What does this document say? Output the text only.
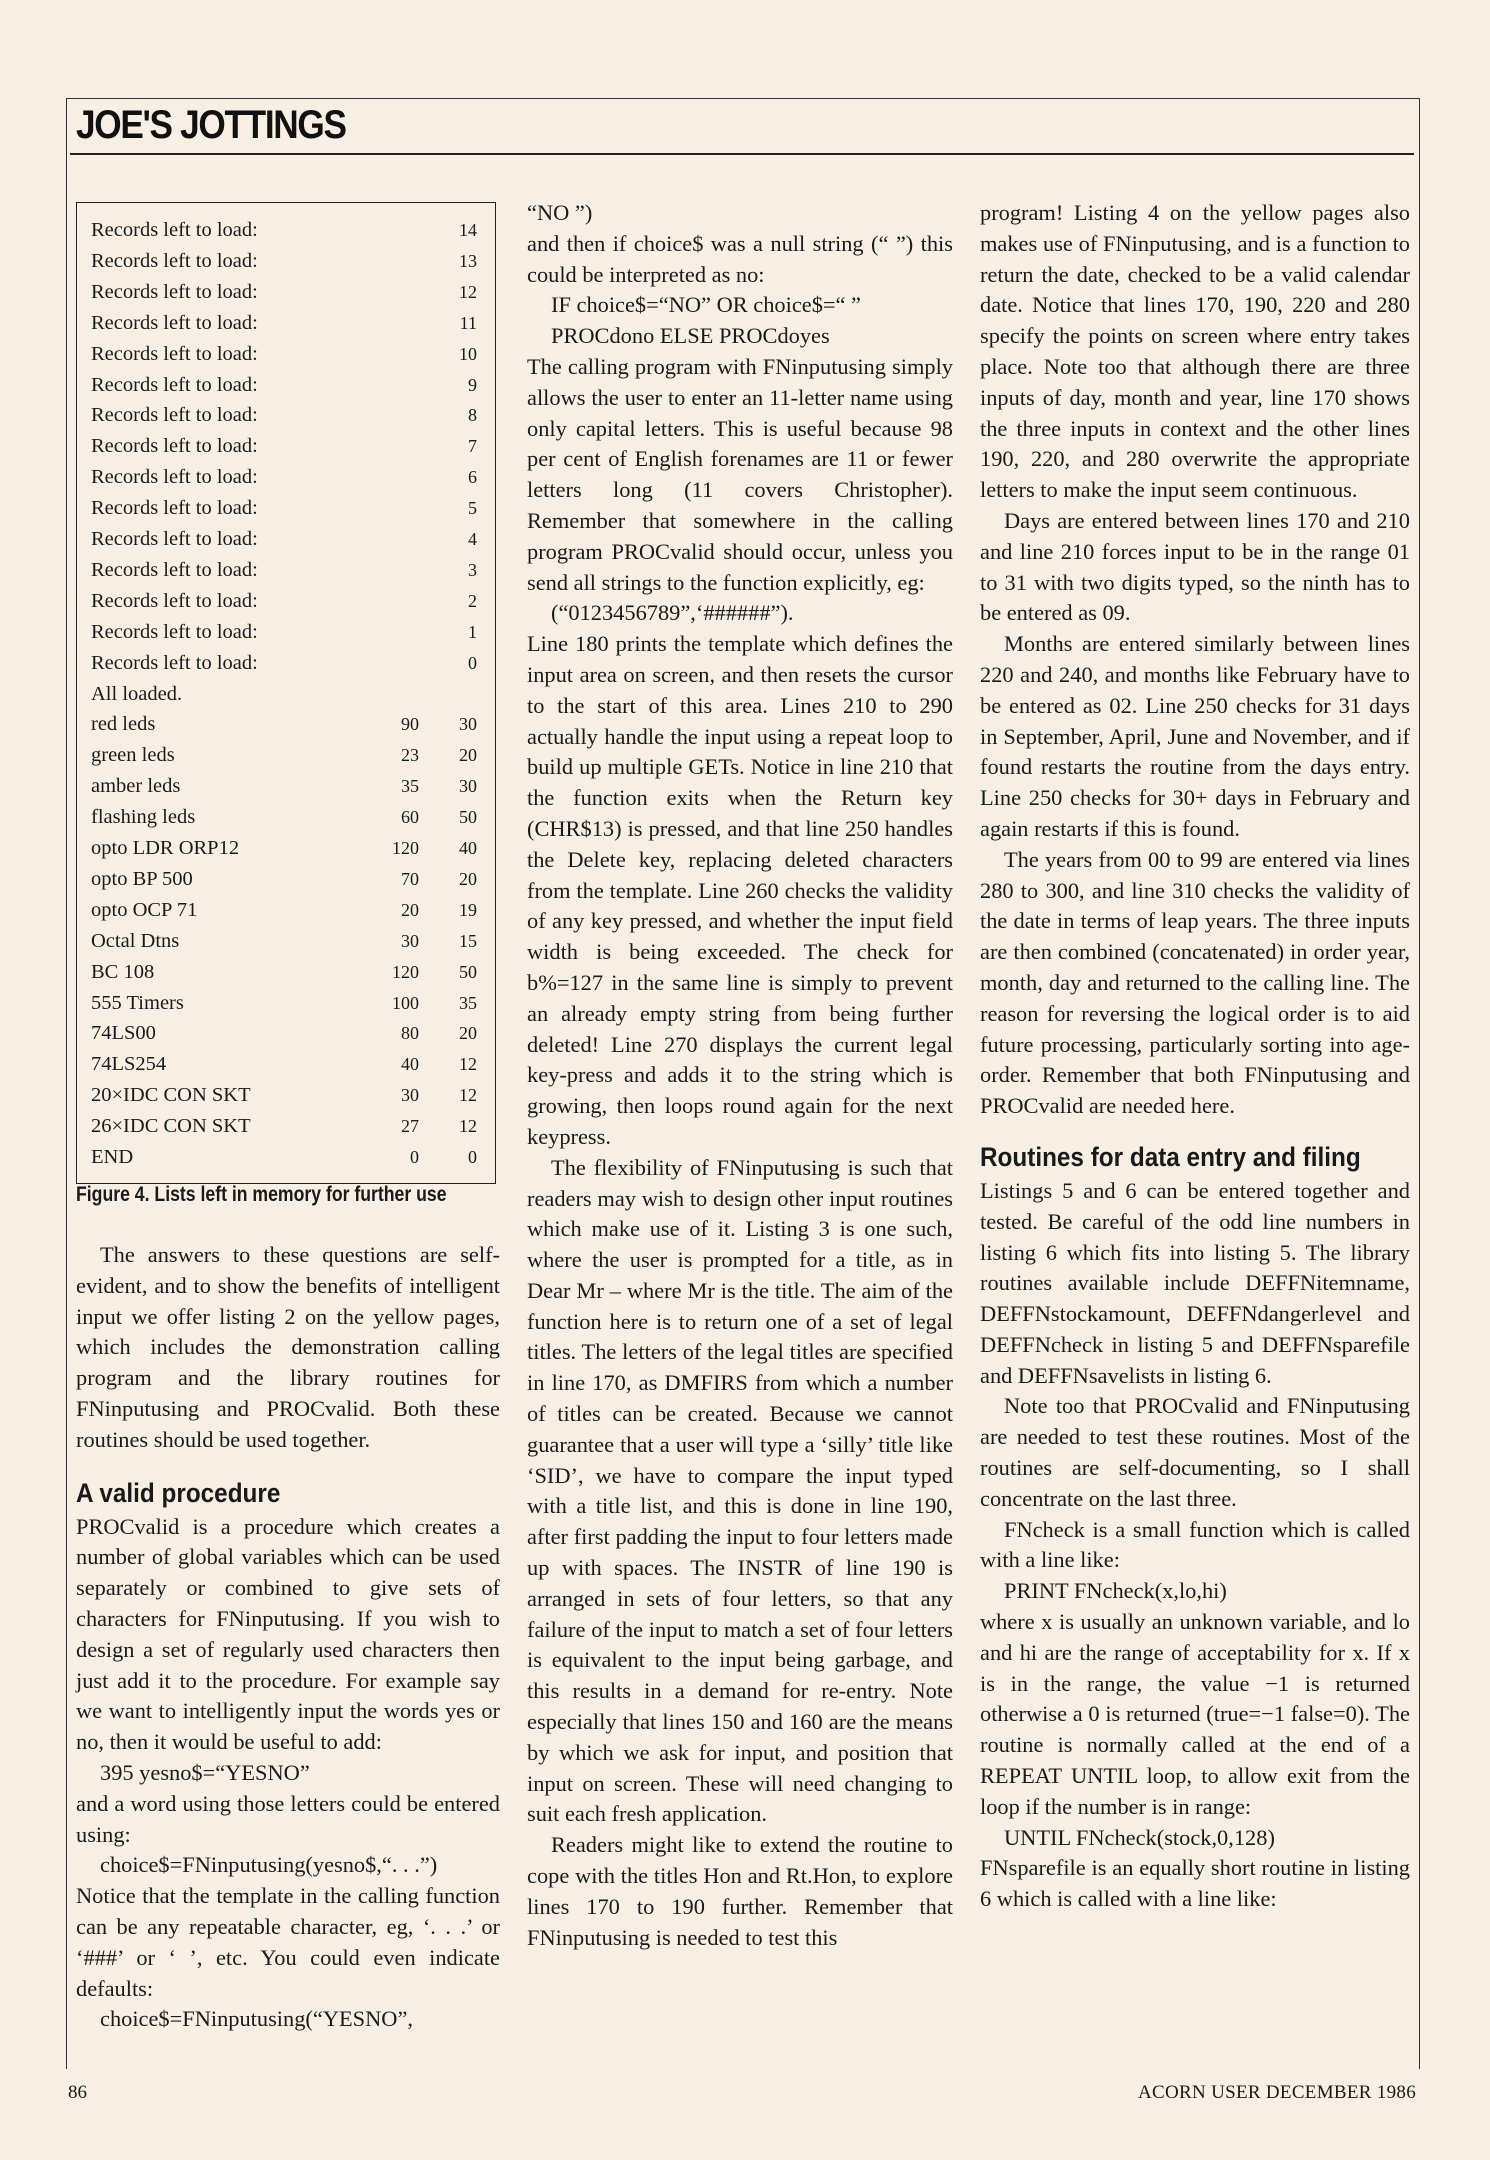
JOE'S JOTTINGS
Records left to load:	14
Records left to load:	13
Records left to load:	12
Records left to load:	11
Records left to load:	10
Records left to load:	9
Records left to load:	8
Records left to load:	7
Records left to load:	6
Records left to load:	5
Records left to load:	4
Records left to load:	3
Records left to load:	2
Records left to load:	1
Records left to load:	0
All loaded.
red leds	90	30
green leds	23	20
amber leds	35	30
flashing leds	60	50
opto LDR ORP12	120	40
opto BP 500	70	20
opto OCP 71	20	19
Octal Dtns	30	15
BC 108	120	50
555 Timers	100	35
74LS00	80	20
74LS254	40	12
20×IDC CON SKT	30	12
26×IDC CON SKT	27	12
END	0	0
Figure 4. Lists left in memory for further use

The answers to these questions are self-evident, and to show the benefits of intelligent input we offer listing 2 on the yellow pages, which includes the demonstration calling program and the library routines for FNinputusing and PROCvalid. Both these routines should be used together.

A valid procedure

PROCvalid is a procedure which creates a number of global variables which can be used separately or combined to give sets of characters for FNinputusing. If you wish to design a set of regularly used characters then just add it to the procedure. For example say we want to intelligently input the words yes or no, then it would be useful to add:

395 yesno$=“YESNO”

and a word using those letters could be entered using:

choice$=FNinputusing(yesno$,“. . .”)

Notice that the template in the calling function can be any repeatable character, eg, ‘. . .’ or ‘###’ or ‘ ’, etc. You could even indicate defaults:

choice$=FNinputusing(“YESNO”,

“NO ”)

and then if choice$ was a null string (“ ”) this could be interpreted as no:

IF choice$=“NO” OR choice$=“ ” PROCdono ELSE PROCdoyes

The calling program with FNinputusing simply allows the user to enter an 11-letter name using only capital letters. This is useful because 98 per cent of English forenames are 11 or fewer letters long (11 covers Christopher). Remember that somewhere in the calling program PROCvalid should occur, unless you send all strings to the function explicitly, eg:

(“0123456789”,‘######”).

Line 180 prints the template which defines the input area on screen, and then resets the cursor to the start of this area. Lines 210 to 290 actually handle the input using a repeat loop to build up multiple GETs. Notice in line 210 that the function exits when the Return key (CHR$13) is pressed, and that line 250 handles the Delete key, replacing deleted characters from the template. Line 260 checks the validity of any key pressed, and whether the input field width is being exceeded. The check for b%=127 in the same line is simply to prevent an already empty string from being further deleted! Line 270 displays the current legal key-press and adds it to the string which is growing, then loops round again for the next keypress.

The flexibility of FNinputusing is such that readers may wish to design other input routines which make use of it. Listing 3 is one such, where the user is prompted for a title, as in Dear Mr – where Mr is the title. The aim of the function here is to return one of a set of legal titles. The letters of the legal titles are specified in line 170, as DMFIRS from which a number of titles can be created. Because we cannot guarantee that a user will type a ‘silly’ title like ‘SID’, we have to compare the input typed with a title list, and this is done in line 190, after first padding the input to four letters made up with spaces. The INSTR of line 190 is arranged in sets of four letters, so that any failure of the input to match a set of four letters is equivalent to the input being garbage, and this results in a demand for re-entry. Note especially that lines 150 and 160 are the means by which we ask for input, and position that input on screen. These will need changing to suit each fresh application.

Readers might like to extend the routine to cope with the titles Hon and Rt.Hon, to explore lines 170 to 190 further. Remember that FNinputusing is needed to test this

program! Listing 4 on the yellow pages also makes use of FNinputusing, and is a function to return the date, checked to be a valid calendar date. Notice that lines 170, 190, 220 and 280 specify the points on screen where entry takes place. Note too that although there are three inputs of day, month and year, line 170 shows the three inputs in context and the other lines 190, 220, and 280 overwrite the appropriate letters to make the input seem continuous.

Days are entered between lines 170 and 210 and line 210 forces input to be in the range 01 to 31 with two digits typed, so the ninth has to be entered as 09.

Months are entered similarly between lines 220 and 240, and months like February have to be entered as 02. Line 250 checks for 31 days in September, April, June and November, and if found restarts the routine from the days entry. Line 250 checks for 30+ days in February and again restarts if this is found.

The years from 00 to 99 are entered via lines 280 to 300, and line 310 checks the validity of the date in terms of leap years. The three inputs are then combined (concatenated) in order year, month, day and returned to the calling line. The reason for reversing the logical order is to aid future processing, particularly sorting into age-order. Remember that both FNinputusing and PROCvalid are needed here.

Routines for data entry and filing

Listings 5 and 6 can be entered together and tested. Be careful of the odd line numbers in listing 6 which fits into listing 5. The library routines available include DEFFNitemname, DEFFNstockamount, DEFFNdangerlevel and DEFFNcheck in listing 5 and DEFFNsparefile and DEFFNsavelists in listing 6.

Note too that PROCvalid and FNinputusing are needed to test these routines. Most of the routines are self-documenting, so I shall concentrate on the last three.

FNcheck is a small function which is called with a line like:

PRINT FNcheck(x,lo,hi)

where x is usually an unknown variable, and lo and hi are the range of acceptability for x. If x is in the range, the value −1 is returned otherwise a 0 is returned (true=−1 false=0). The routine is normally called at the end of a REPEAT UNTIL loop, to allow exit from the loop if the number is in range:

UNTIL FNcheck(stock,0,128)

FNsparefile is an equally short routine in listing 6 which is called with a line like:

86	ACORN USER DECEMBER 1986
